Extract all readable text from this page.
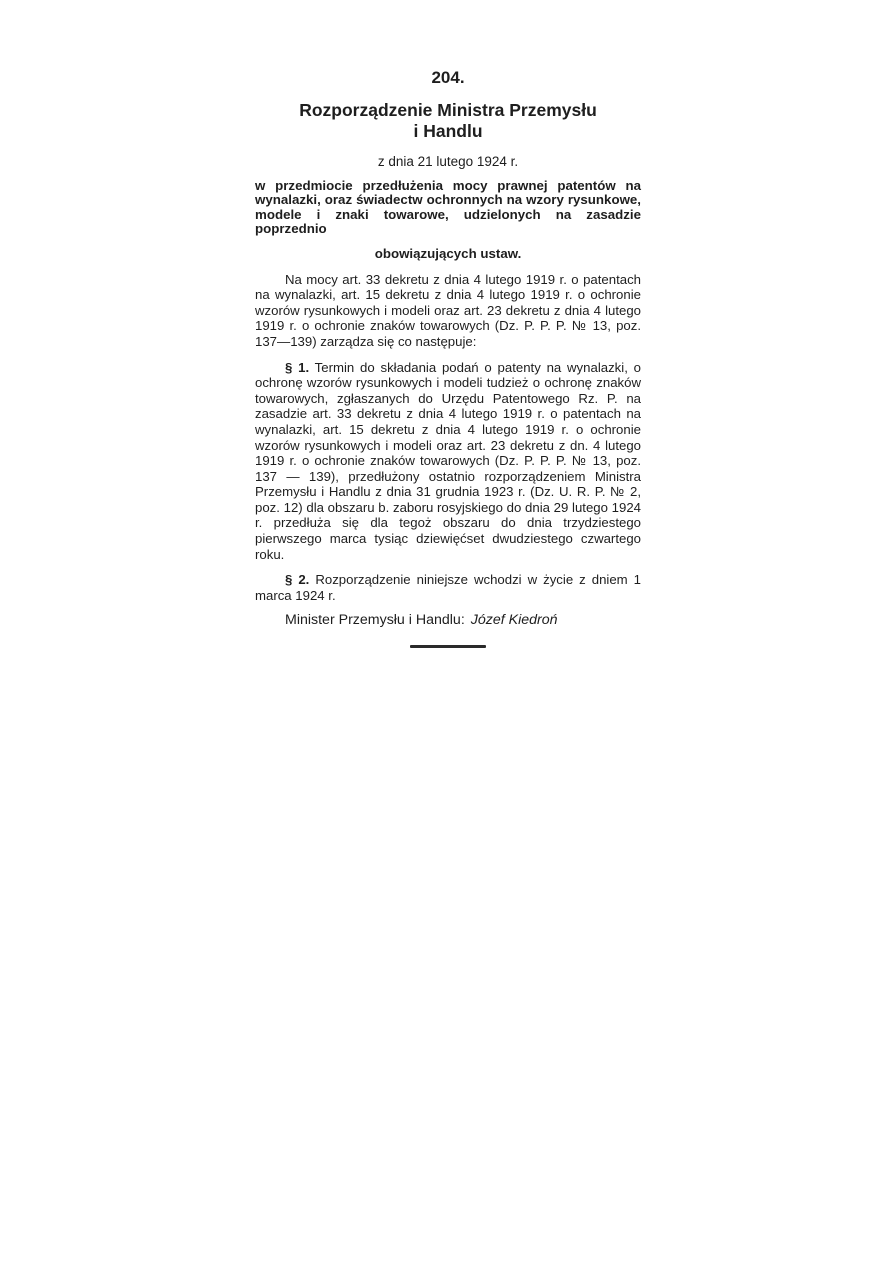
204.
Rozporządzenie Ministra Przemysłu
i Handlu
z dnia 21 lutego 1924 r.

w przedmiocie przedłużenia mocy prawnej patentów na wynalazki, oraz świadectw ochronnych na wzory rysunkowe, modele i znaki towarowe, udzielonych na zasadzie poprzednio

obowiązujących ustaw.

Na mocy art. 33 dekretu z dnia 4 lutego 1919 r. o patentach na wynalazki, art. 15 dekretu z dnia 4 lutego 1919 r. o ochronie wzorów rysunkowych i modeli oraz art. 23 dekretu z dnia 4 lutego 1919 r. o ochronie znaków towarowych (Dz. P. P. P. № 13, poz. 137—139) zarządza się co następuje:

§ 1. Termin do składania podań o patenty na wynalazki, o ochronę wzorów rysunkowych i modeli tudzież o ochronę znaków towarowych, zgłaszanych do Urzędu Patentowego Rz. P. na zasadzie art. 33 dekretu z dnia 4 lutego 1919 r. o patentach na wynalazki, art. 15 dekretu z dnia 4 lutego 1919 r. o ochronie wzorów rysunkowych i modeli oraz art. 23 dekretu z dn. 4 lutego 1919 r. o ochronie znaków towarowych (Dz. P. P. P. № 13, poz. 137 — 139), przedłużony ostatnio rozporządzeniem Ministra Przemysłu i Handlu z dnia 31 grudnia 1923 r. (Dz. U. R. P. № 2, poz. 12) dla obszaru b. zaboru rosyjskiego do dnia 29 lutego 1924 r. przedłuża się dla tegoż obszaru do dnia trzydziestego pierwszego marca tysiąc dziewięćset dwudziestego czwartego roku.

§ 2. Rozporządzenie niniejsze wchodzi w życie z dniem 1 marca 1924 r.

Minister Przemysłu i Handlu: Józef Kiedroń
